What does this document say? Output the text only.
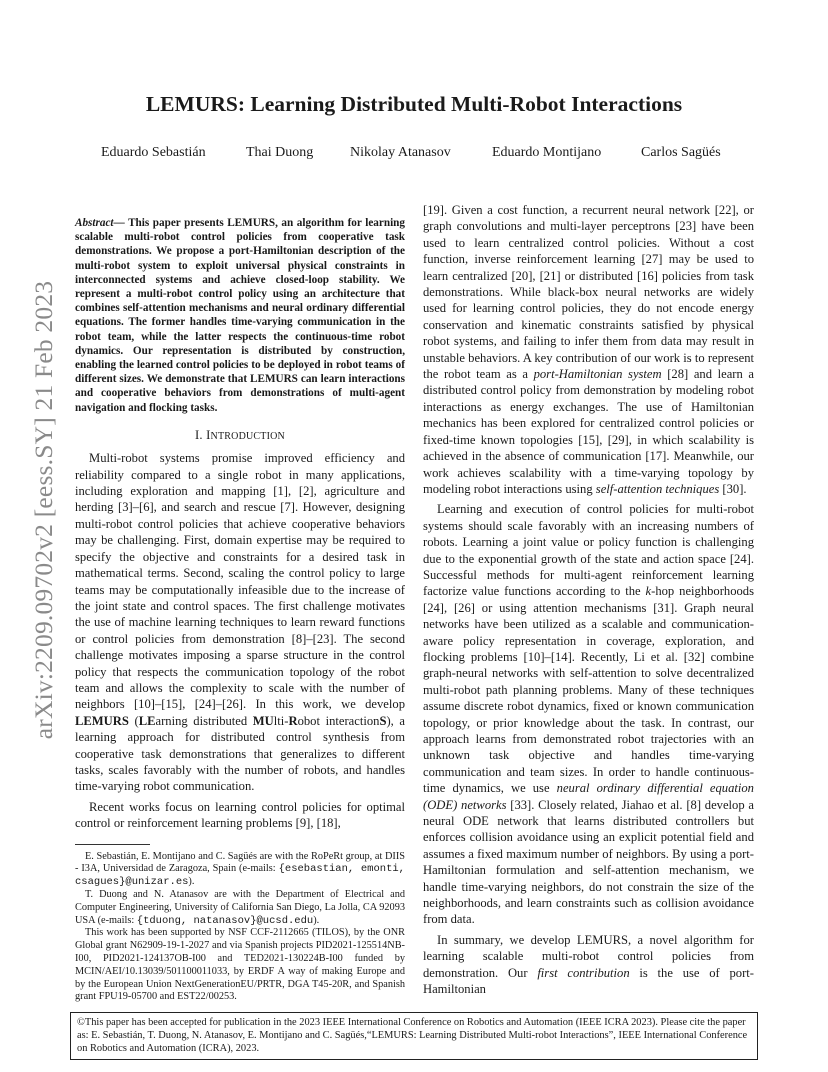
arXiv:2209.09702v2 [eess.SY] 21 Feb 2023
LEMURS: Learning Distributed Multi-Robot Interactions
Eduardo Sebastián	Thai Duong	Nikolay Atanasov	Eduardo Montijano	Carlos Sagüés

Abstract— This paper presents LEMURS, an algorithm for learning scalable multi-robot control policies from cooperative task demonstrations. We propose a port-Hamiltonian description of the multi-robot system to exploit universal physical constraints in interconnected systems and achieve closed-loop stability. We represent a multi-robot control policy using an architecture that combines self-attention mechanisms and neural ordinary differential equations. The former handles time-varying communication in the robot team, while the latter respects the continuous-time robot dynamics. Our representation is distributed by construction, enabling the learned control policies to be deployed in robot teams of different sizes. We demonstrate that LEMURS can learn interactions and cooperative behaviors from demonstrations of multi-agent navigation and flocking tasks.

I. INTRODUCTION

Multi-robot systems promise improved efficiency and reliability compared to a single robot in many applications, including exploration and mapping [1], [2], agriculture and herding [3]–[6], and search and rescue [7]. However, designing multi-robot control policies that achieve cooperative behaviors may be challenging. First, domain expertise may be required to specify the objective and constraints for a desired task in mathematical terms. Second, scaling the control policy to large teams may be computationally infeasible due to the increase of the joint state and control spaces. The first challenge motivates the use of machine learning techniques to learn reward functions or control policies from demonstration [8]–[23]. The second challenge motivates imposing a sparse structure in the control policy that respects the communication topology of the robot team and allows the complexity to scale with the number of neighbors [10]–[15], [24]–[26]. In this work, we develop LEMURS (LEarning distributed MUlti-Robot interactionS), a learning approach for distributed control synthesis from cooperative task demonstrations that generalizes to different tasks, scales favorably with the number of robots, and handles time-varying robot communication.

Recent works focus on learning control policies for optimal control or reinforcement learning problems [9], [18],

E. Sebastián, E. Montijano and C. Sagüés are with the RoPeRt group, at DIIS - I3A, Universidad de Zaragoza, Spain (e-mails: {esebastian, emonti, csagues}@unizar.es).

T. Duong and N. Atanasov are with the Department of Electrical and Computer Engineering, University of California San Diego, La Jolla, CA 92093 USA (e-mails: {tduong, natanasov}@ucsd.edu).

This work has been supported by NSF CCF-2112665 (TILOS), by the ONR Global grant N62909-19-1-2027 and via Spanish projects PID2021-125514NB-I00, PID2021-124137OB-I00 and TED2021-130224B-I00 funded by MCIN/AEI/10.13039/501100011033, by ERDF A way of making Europe and by the European Union NextGenerationEU/PRTR, DGA T45-20R, and Spanish grant FPU19-05700 and EST22/00253.

[19]. Given a cost function, a recurrent neural network [22], or graph convolutions and multi-layer perceptrons [23] have been used to learn centralized control policies. Without a cost function, inverse reinforcement learning [27] may be used to learn centralized [20], [21] or distributed [16] policies from task demonstrations. While black-box neural networks are widely used for learning control policies, they do not encode energy conservation and kinematic constraints satisfied by physical robot systems, and failing to infer them from data may result in unstable behaviors. A key contribution of our work is to represent the robot team as a port-Hamiltonian system [28] and learn a distributed control policy from demonstration by modeling robot interactions as energy exchanges. The use of Hamiltonian mechanics has been explored for centralized control policies or fixed-time known topologies [15], [29], in which scalability is achieved in the absence of communication [17]. Meanwhile, our work achieves scalability with a time-varying topology by modeling robot interactions using self-attention techniques [30].

Learning and execution of control policies for multi-robot systems should scale favorably with an increasing numbers of robots. Learning a joint value or policy function is challenging due to the exponential growth of the state and action space [24]. Successful methods for multi-agent reinforcement learning factorize value functions according to the k-hop neighborhoods [24], [26] or using attention mechanisms [31]. Graph neural networks have been utilized as a scalable and communication-aware policy representation in coverage, exploration, and flocking problems [10]–[14]. Recently, Li et al. [32] combine graph-neural networks with self-attention to solve decentralized multi-robot path planning problems. Many of these techniques assume discrete robot dynamics, fixed or known communication topology, or prior knowledge about the task. In contrast, our approach learns from demonstrated robot trajectories with an unknown task objective and handles time-varying communication and team sizes. In order to handle continuous-time dynamics, we use neural ordinary differential equation (ODE) networks [33]. Closely related, Jiahao et al. [8] develop a neural ODE network that learns distributed controllers but enforces collision avoidance using an explicit potential field and assumes a fixed maximum number of neighbors. By using a port-Hamiltonian formulation and self-attention mechanism, we handle time-varying neighbors, do not constrain the size of the neighborhoods, and learn constraints such as collision avoidance from data.

In summary, we develop LEMURS, a novel algorithm for learning scalable multi-robot control policies from demonstration. Our first contribution is the use of port-Hamiltonian

©This paper has been accepted for publication in the 2023 IEEE International Conference on Robotics and Automation (IEEE ICRA 2023). Please cite the paper as: E. Sebastián, T. Duong, N. Atanasov, E. Montijano and C. Sagüés,“LEMURS: Learning Distributed Multi-robot Interactions”, IEEE International Conference on Robotics and Automation (ICRA), 2023.
